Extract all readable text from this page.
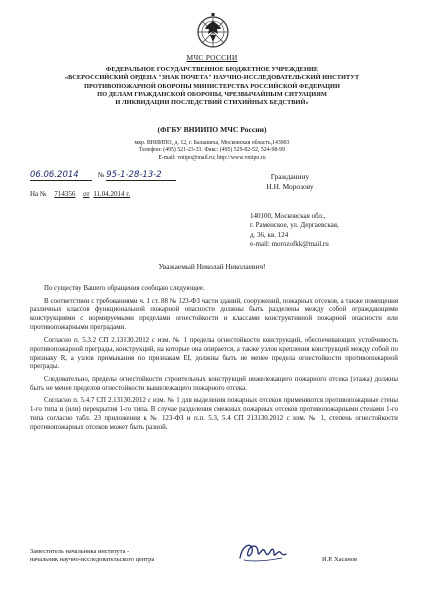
МЧС РОССИИ
ФЕДЕРАЛЬНОЕ ГОСУДАРСТВЕННОЕ БЮДЖЕТНОЕ УЧРЕЖДЕНИЕ
«ВСЕРОССИЙСКИЙ ОРДЕНА "ЗНАК ПОЧЕТА" НАУЧНО-ИССЛЕДОВАТЕЛЬСКИЙ ИНСТИТУТ
ПРОТИВОПОЖАРНОЙ ОБОРОНЫ МИНИСТЕРСТВА РОССИЙСКОЙ ФЕДЕРАЦИИ
ПО ДЕЛАМ ГРАЖДАНСКОЙ ОБОРОНЫ, ЧРЕЗВЫЧАЙНЫМ СИТУАЦИЯМ
И ЛИКВИДАЦИИ ПОСЛЕДСТВИЙ СТИХИЙНЫХ БЕДСТВИЙ»
(ФГБУ ВНИИПО МЧС России)
мкр. ВНИИПО, д. 12, г. Балашиха, Московская область,143903
Телефон: (495) 521-23-33. Факс: (495) 529-82-52, 524-98-99
E-mail: vniipo@mail.ru; http://www.vniipo.ru
06.06.2014	№ 95-1-28-13-2
На № 714356 от 11.04.2014 г.
Гражданину
Н.Н. Морозову
140100, Московская обл.,
г. Раменское, ул. Дергаевская,
д. 36, кв. 124
e-mail: morozofkk@mail.ru
Уважаемый Николай Николаевич!

По существу Вашего обращения сообщаю следующее.

В соответствии с требованиями ч. 1 ст. 88 № 123-ФЗ части зданий, сооружений, пожарных отсеков, а также помещения различных классов функциональной пожарной опасности должны быть разделены между собой ограждающими конструкциями с нормируемыми пределами огнестойкости и классами конструктивной пожарной опасности или противопожарными преградами.

Согласно п. 5.3.2 СП 2.13130.2012 с изм. № 1 пределы огнестойкости конструкций, обеспечивающих устойчивость противопожарной преграды, конструкций, на которые она опирается, а также узлов крепления конструкций между собой по признаку R, а узлов примыкания по признакам EI, должны быть не менее предела огнестойкости противопожарной преграды.

Следовательно, пределы огнестойкости строительных конструкций нижележащего пожарного отсека (этажа) должны быть не менее пределов огнестойкости вышележащего пожарного отсека.

Согласно п. 5.4.7 СП 2.13130.2012 с изм. № 1 для выделения пожарных отсеков применяются противопожарные стены 1-го типа и (или) перекрытия 1-го типа. В случае разделения смежных пожарных отсеков противопожарными стенами 1-го типа согласно табл. 23 приложения к № 123-ФЗ и п.п. 5.3, 5.4 СП 213130.2012 с изм. № 1, степень огнестойкости противопожарных отсеков может быть разной.

Заместитель начальника института -
начальник научно-исследовательского центра	И.Р. Хасанов
